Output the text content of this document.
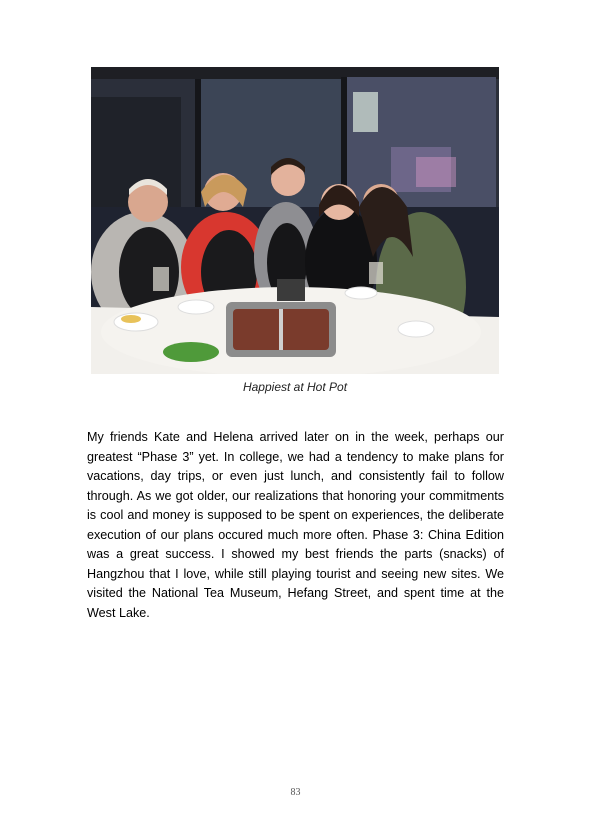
Happiest at Hot Pot

My friends Kate and Helena arrived later on in the week, perhaps our greatest “Phase 3” yet. In college, we had a tendency to make plans for vacations, day trips, or even just lunch, and consistently fail to follow through. As we got older, our realizations that honoring your commitments is cool and money is supposed to be spent on experiences, the deliberate execution of our plans occured much more often. Phase 3: China Edition was a great success. I showed my best friends the parts (snacks) of Hangzhou that I love, while still playing tourist and seeing new sites. We visited the National Tea Museum, Hefang Street, and spent time at the West Lake.

83
